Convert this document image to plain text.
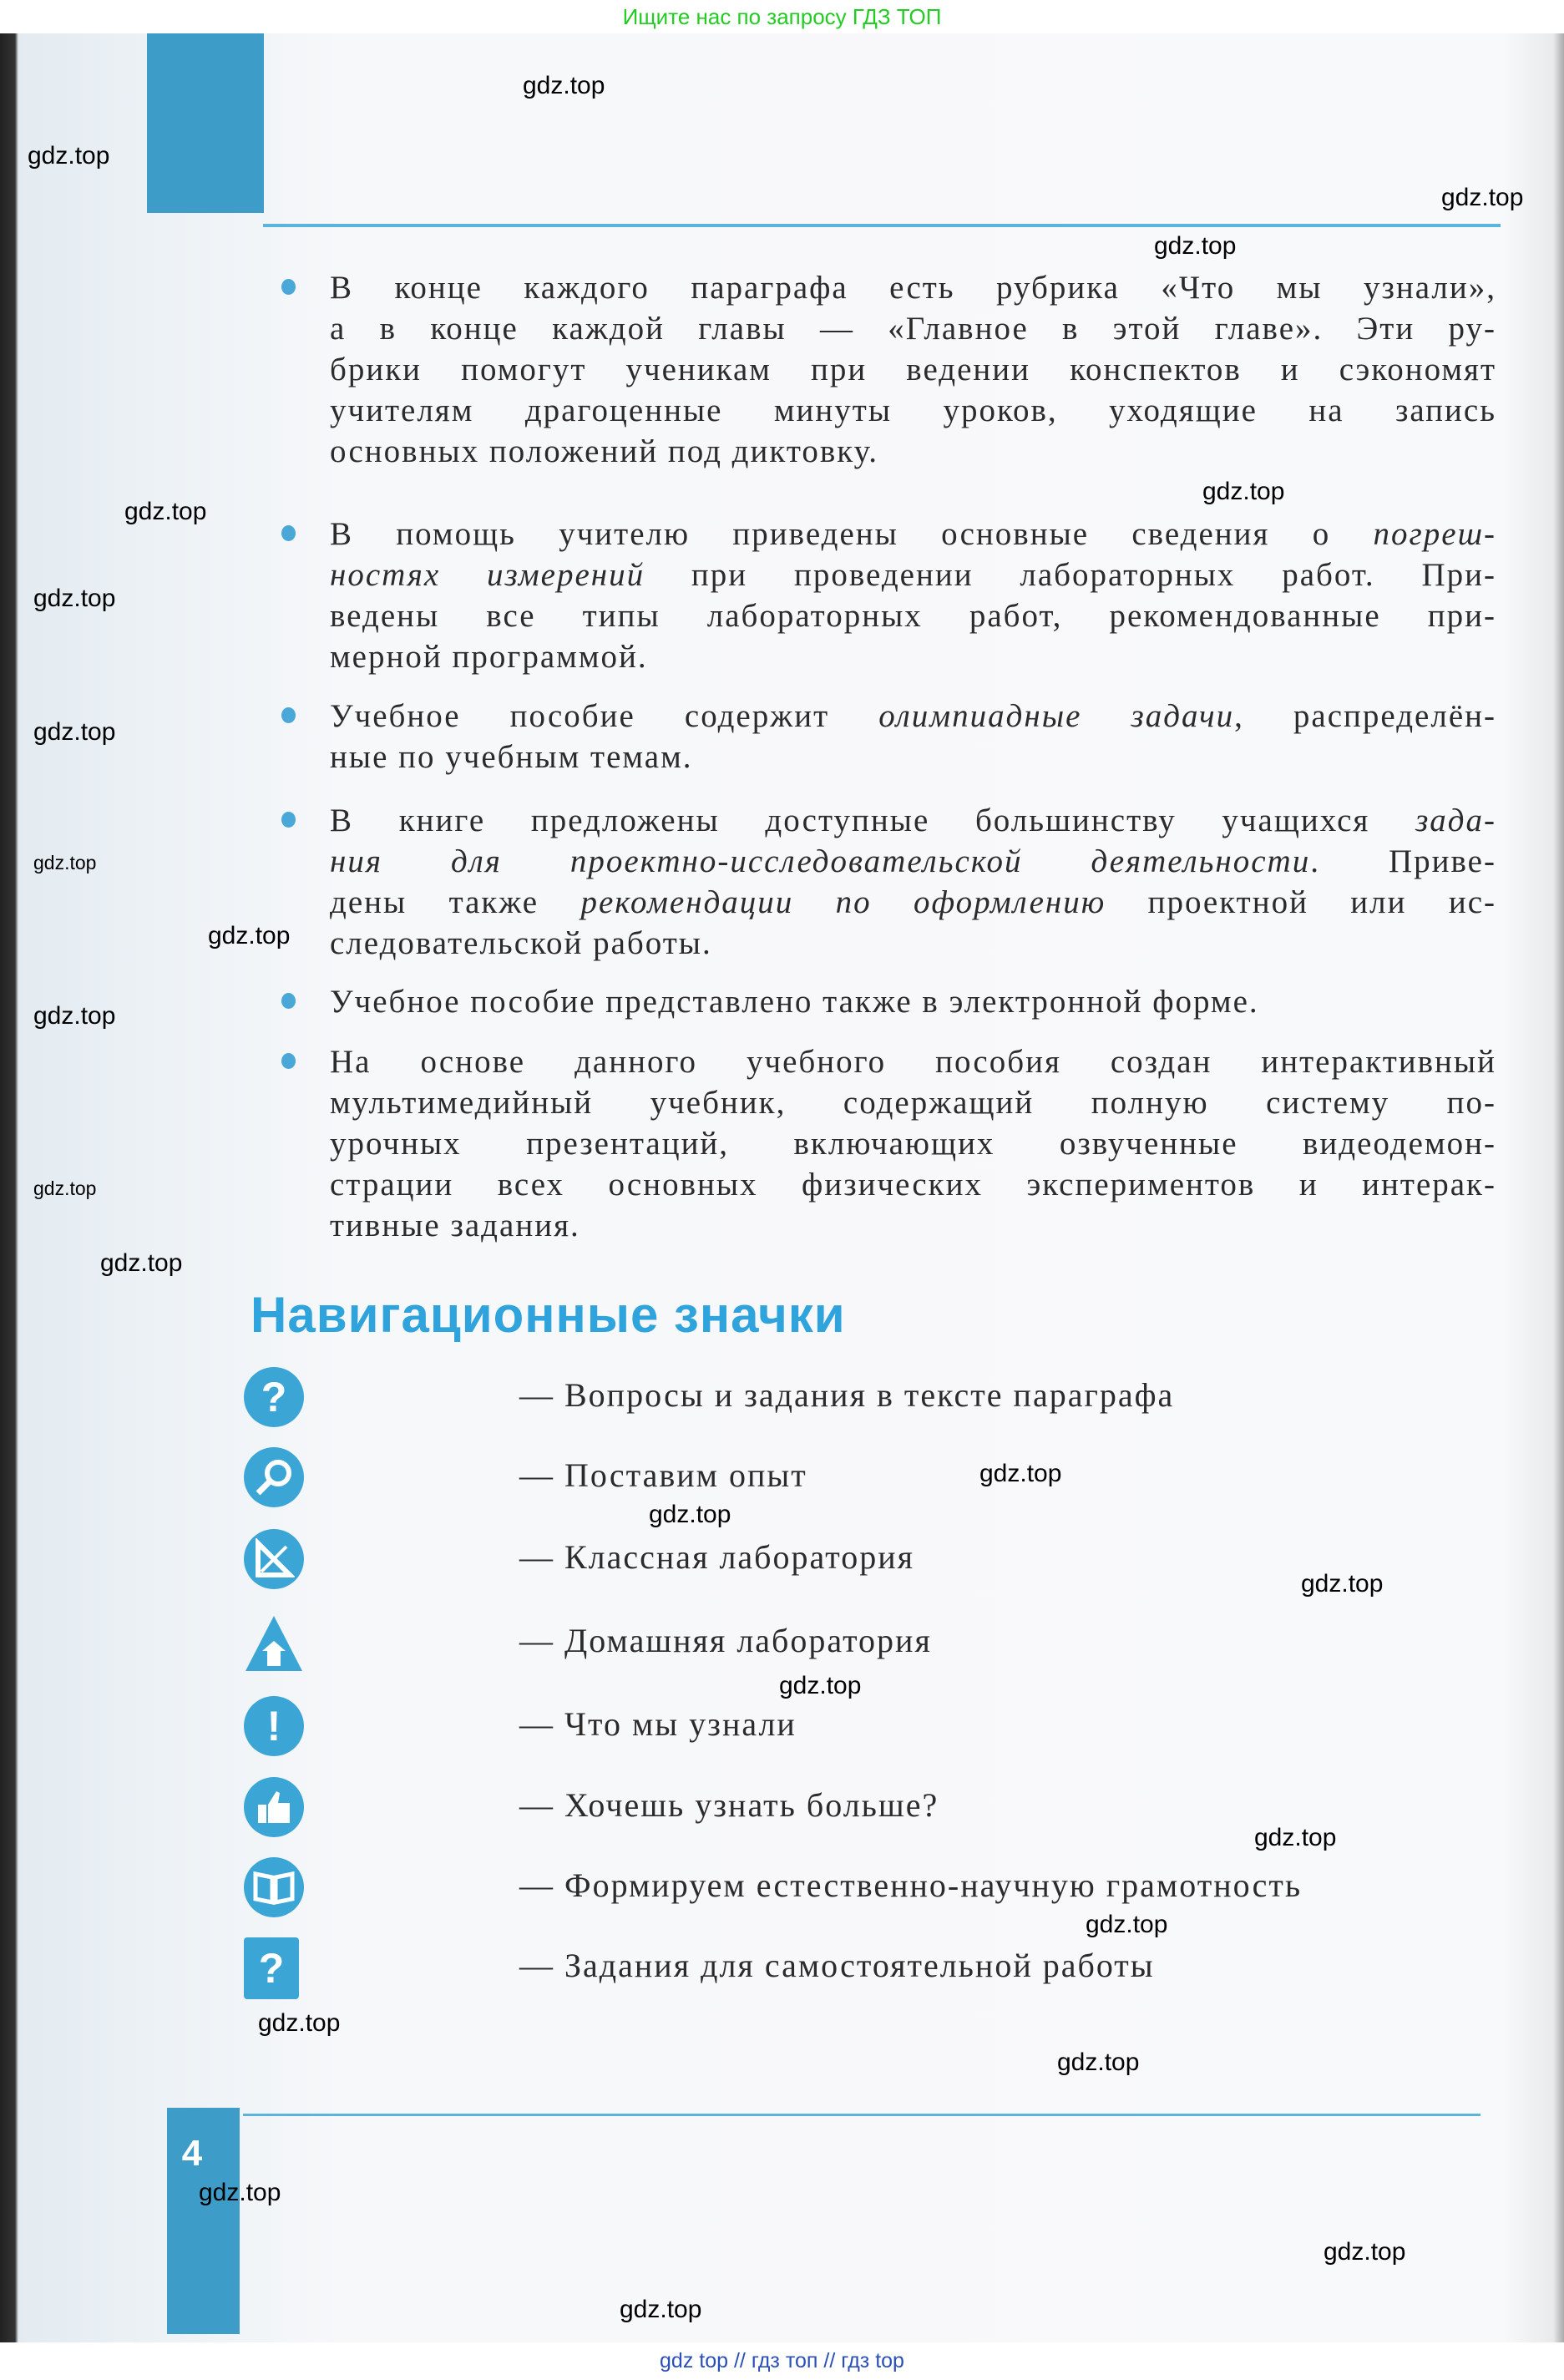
Ищите нас по запросу ГДЗ ТОП
В конце каждого параграфа есть рубрика «Что мы узнали»,
а в конце каждой главы — «Главное в этой главе». Эти ру-
брики помогут ученикам при ведении конспектов и сэкономят
учителям драгоценные минуты уроков, уходящие на запись
основных положений под диктовку.
В помощь учителю приведены основные сведения о погреш-
ностях измерений при проведении лабораторных работ. При-
ведены все типы лабораторных работ, рекомендованные при-
мерной программой.
Учебное пособие содержит олимпиадные задачи, распределён-
ные по учебным темам.
В книге предложены доступные большинству учащихся зада-
ния для проектно-исследовательской деятельности. Приве-
дены также рекомендации по оформлению проектной или ис-
следовательской работы.
Учебное пособие представлено также в электронной форме.
На основе данного учебного пособия создан интерактивный
мультимедийный учебник, содержащий полную систему по-
урочных презентаций, включающих озвученные видеодемон-
страции всех основных физических экспериментов и интерак-
тивные задания.
Навигационные значки
?	— Вопросы и задания в тексте параграфа
— Поставим опыт
— Классная лаборатория
— Домашняя лаборатория
!	— Что мы узнали
— Хочешь узнать больше?
— Формируем естественно-научную грамотность
?	— Задания для самостоятельной работы
4
gdz.top
gdz.top
gdz.top
gdz.top
gdz.top
gdz.top
gdz.top
gdz.top
gdz.top
gdz.top
gdz.top
gdz.top
gdz.top
gdz.top
gdz.top
gdz.top
gdz.top
gdz.top
gdz.top
gdz.top
gdz.top
gdz.top
gdz.top
gdz.top
gdz top // гдз топ // гдз top
